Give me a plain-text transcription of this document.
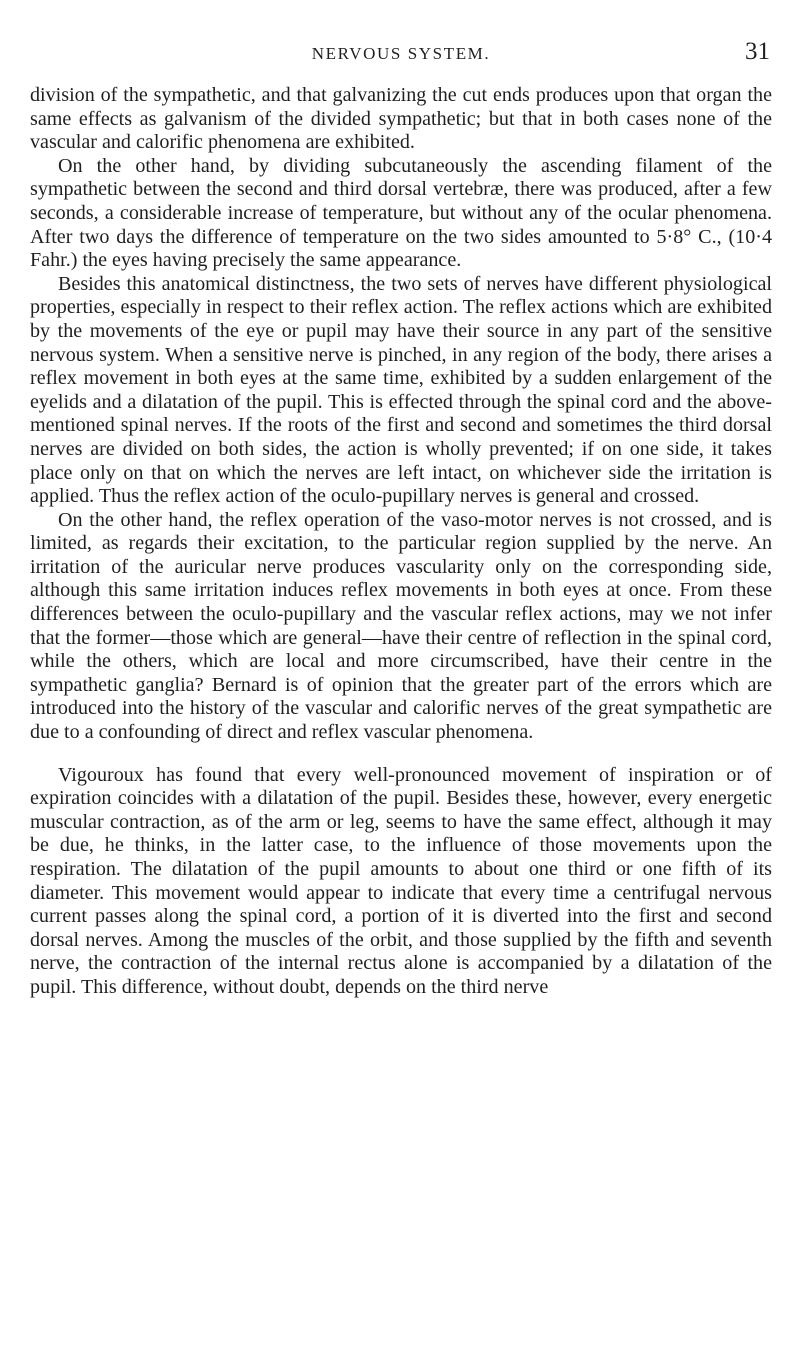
NERVOUS SYSTEM.	31

division of the sympathetic, and that galvanizing the cut ends produces upon that organ the same effects as galvanism of the divided sympathetic; but that in both cases none of the vascular and calorific phenomena are exhibited.

On the other hand, by dividing subcutaneously the ascending filament of the sympathetic between the second and third dorsal vertebræ, there was produced, after a few seconds, a considerable increase of temperature, but without any of the ocular phenomena. After two days the difference of temperature on the two sides amounted to 5·8° C., (10·4 Fahr.) the eyes having precisely the same appearance.

Besides this anatomical distinctness, the two sets of nerves have different physiological properties, especially in respect to their reflex action. The reflex actions which are exhibited by the movements of the eye or pupil may have their source in any part of the sensitive nervous system. When a sensitive nerve is pinched, in any region of the body, there arises a reflex movement in both eyes at the same time, exhibited by a sudden enlargement of the eyelids and a dilatation of the pupil. This is effected through the spinal cord and the above-mentioned spinal nerves. If the roots of the first and second and sometimes the third dorsal nerves are divided on both sides, the action is wholly prevented; if on one side, it takes place only on that on which the nerves are left intact, on whichever side the irritation is applied. Thus the reflex action of the oculo-pupillary nerves is general and crossed.

On the other hand, the reflex operation of the vaso-motor nerves is not crossed, and is limited, as regards their excitation, to the particular region supplied by the nerve. An irritation of the auricular nerve produces vascularity only on the corresponding side, although this same irritation induces reflex movements in both eyes at once. From these differences between the oculo-pupillary and the vascular reflex actions, may we not infer that the former—those which are general—have their centre of reflection in the spinal cord, while the others, which are local and more circumscribed, have their centre in the sympathetic ganglia? Bernard is of opinion that the greater part of the errors which are introduced into the history of the vascular and calorific nerves of the great sympathetic are due to a confounding of direct and reflex vascular phenomena.

Vigouroux has found that every well-pronounced movement of inspiration or of expiration coincides with a dilatation of the pupil. Besides these, however, every energetic muscular contraction, as of the arm or leg, seems to have the same effect, although it may be due, he thinks, in the latter case, to the influence of those movements upon the respiration. The dilatation of the pupil amounts to about one third or one fifth of its diameter. This movement would appear to indicate that every time a centrifugal nervous current passes along the spinal cord, a portion of it is diverted into the first and second dorsal nerves. Among the muscles of the orbit, and those supplied by the fifth and seventh nerve, the contraction of the internal rectus alone is accompanied by a dilatation of the pupil. This difference, without doubt, depends on the third nerve
